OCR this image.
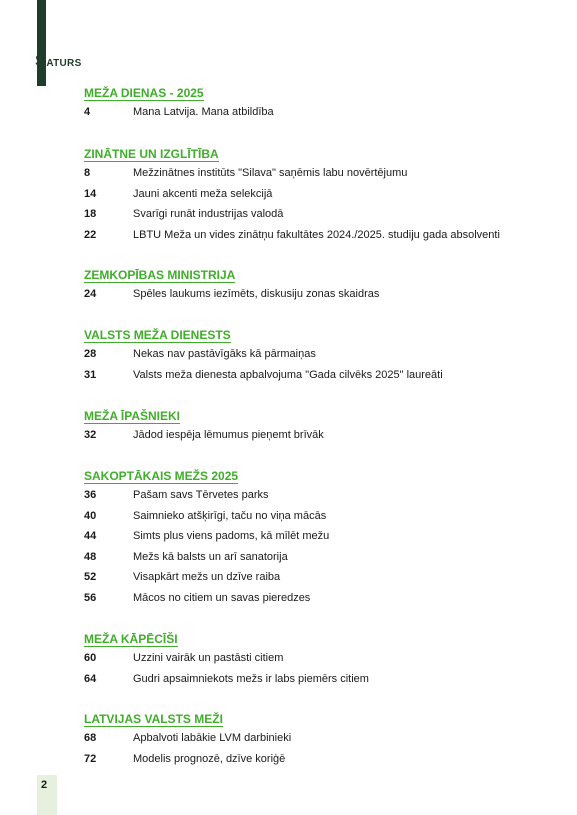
SATURS
MEŽA DIENAS - 2025
4	Mana Latvija. Mana atbildība
ZINĀTNE UN IZGLĪTĪBA
8	Mežzinātnes institūts "Silava" saņēmis labu novērtējumu
14	Jauni akcenti meža selekcijā
18	Svarīgi runāt industrijas valodā
22	LBTU Meža un vides zinātņu fakultātes 2024./2025. studiju gada absolventi
ZEMKOPĪBAS MINISTRIJA
24	Spēles laukums iezīmēts, diskusiju zonas skaidras
VALSTS MEŽA DIENESTS
28	Nekas nav pastāvīgāks kā pārmaiņas
31	Valsts meža dienesta apbalvojuma "Gada cilvēks 2025" laureāti
MEŽA ĪPAŠNIEKI
32	Jādod iespēja lēmumus pieņemt brīvāk
SAKOPTĀKAIS MEŽS 2025
36	Pašam savs Tērvetes parks
40	Saimnieko atšķirīgi, taču no viņa mācās
44	Simts plus viens padoms, kā mīlēt mežu
48	Mežs kā balsts un arī sanatorija
52	Visapkārt mežs un dzīve raiba
56	Mācos no citiem un savas pieredzes
MEŽA KĀPĒCĪŠI
60	Uzzini vairāk un pastāsti citiem
64	Gudri apsaimniekots mežs ir labs piemērs citiem
LATVIJAS VALSTS MEŽI
68	Apbalvoti labākie LVM darbinieki
72	Modelis prognozē, dzīve koriģē
2
